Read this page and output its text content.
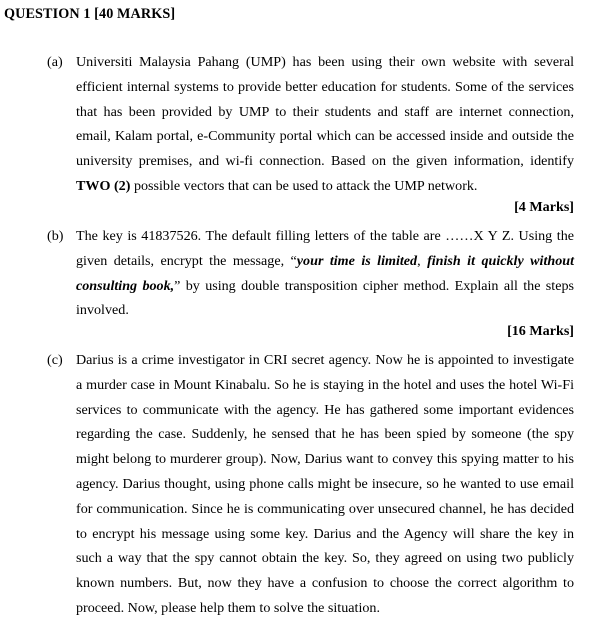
QUESTION 1 [40 MARKS]
(a) Universiti Malaysia Pahang (UMP) has been using their own website with several efficient internal systems to provide better education for students. Some of the services that has been provided by UMP to their students and staff are internet connection, email, Kalam portal, e-Community portal which can be accessed inside and outside the university premises, and wi-fi connection. Based on the given information, identify TWO (2) possible vectors that can be used to attack the UMP network.
[4 Marks]
(b) The key is 41837526. The default filling letters of the table are ……X Y Z. Using the given details, encrypt the message, “your time is limited, finish it quickly without consulting book,” by using double transposition cipher method. Explain all the steps involved.
[16 Marks]
(c) Darius is a crime investigator in CRI secret agency. Now he is appointed to investigate a murder case in Mount Kinabalu. So he is staying in the hotel and uses the hotel Wi-Fi services to communicate with the agency. He has gathered some important evidences regarding the case. Suddenly, he sensed that he has been spied by someone (the spy might belong to murderer group). Now, Darius want to convey this spying matter to his agency. Darius thought, using phone calls might be insecure, so he wanted to use email for communication. Since he is communicating over unsecured channel, he has decided to encrypt his message using some key. Darius and the Agency will share the key in such a way that the spy cannot obtain the key. So, they agreed on using two publicly known numbers. But, now they have a confusion to choose the correct algorithm to proceed. Now, please help them to solve the situation.
